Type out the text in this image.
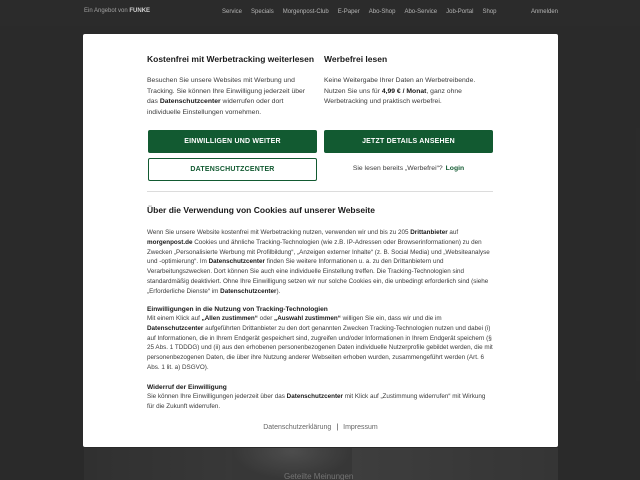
Ein Angebot von FUNKE	Service Specials Morgenpost-Club E-Paper Abo-Shop Abo-Service Job-Portal Shop	Anmelden
Kostenfrei mit Werbetracking weiterlesen

Besuchen Sie unsere Websites mit Werbung und Tracking. Sie können Ihre Einwilligung jederzeit über das Datenschutzcenter widerrufen oder dort individuelle Einstellungen vornehmen.

Werbefrei lesen

Keine Weitergabe Ihrer Daten an Werbetreibende. Nutzen Sie uns für 4,99 € / Monat, ganz ohne Werbetracking und praktisch werbefrei.

EINWILLIGEN UND WEITER	JETZT DETAILS ANSEHEN
DATENSCHUTZCENTER	Sie lesen bereits „Werbefrei“? Login
Über die Verwendung von Cookies auf unserer Webseite

Wenn Sie unsere Website kostenfrei mit Werbetracking nutzen, verwenden wir und bis zu 205 Drittanbieter auf morgenpost.de Cookies und ähnliche Tracking-Technologien (wie z.B. IP-Adressen oder Browserinformationen) zu den Zwecken „Personalisierte Werbung mit Profilbildung“, „Anzeigen externer Inhalte“ (z. B. Social Media) und „Websiteanalyse und -optimierung“. Im Datenschutzcenter finden Sie weitere Informationen u. a. zu den Drittanbietern und Verarbeitungszwecken. Dort können Sie auch eine individuelle Einstellung treffen. Die Tracking-Technologien sind standardmäßig deaktiviert. Ohne Ihre Einwilligung setzen wir nur solche Cookies ein, die unbedingt erforderlich sind (siehe „Erforderliche Dienste“ im Datenschutzcenter).

Einwilligungen in die Nutzung von Tracking-Technologien

Mit einem Klick auf „Allen zustimmen“ oder „Auswahl zustimmen“ willigen Sie ein, dass wir und die im Datenschutzcenter aufgeführten Drittanbieter zu den dort genannten Zwecken Tracking-Technologien nutzen und dabei (i) auf Informationen, die in Ihrem Endgerät gespeichert sind, zugreifen und/oder Informationen in Ihrem Endgerät speichern (§ 25 Abs. 1 TDDDG) und (ii) aus den erhobenen personenbezogenen Daten individuelle Nutzerprofile gebildet werden, die mit personenbezogenen Daten, die über ihre Nutzung anderer Webseiten erhoben wurden, zusammengeführt werden (Art. 6 Abs. 1 lit. a) DSGVO).

Widerruf der Einwilligung

Sie können Ihre Einwilligungen jederzeit über das Datenschutzcenter mit Klick auf „Zustimmung widerrufen“ mit Wirkung für die Zukunft widerrufen.

Datenschutzerklärung | Impressum
